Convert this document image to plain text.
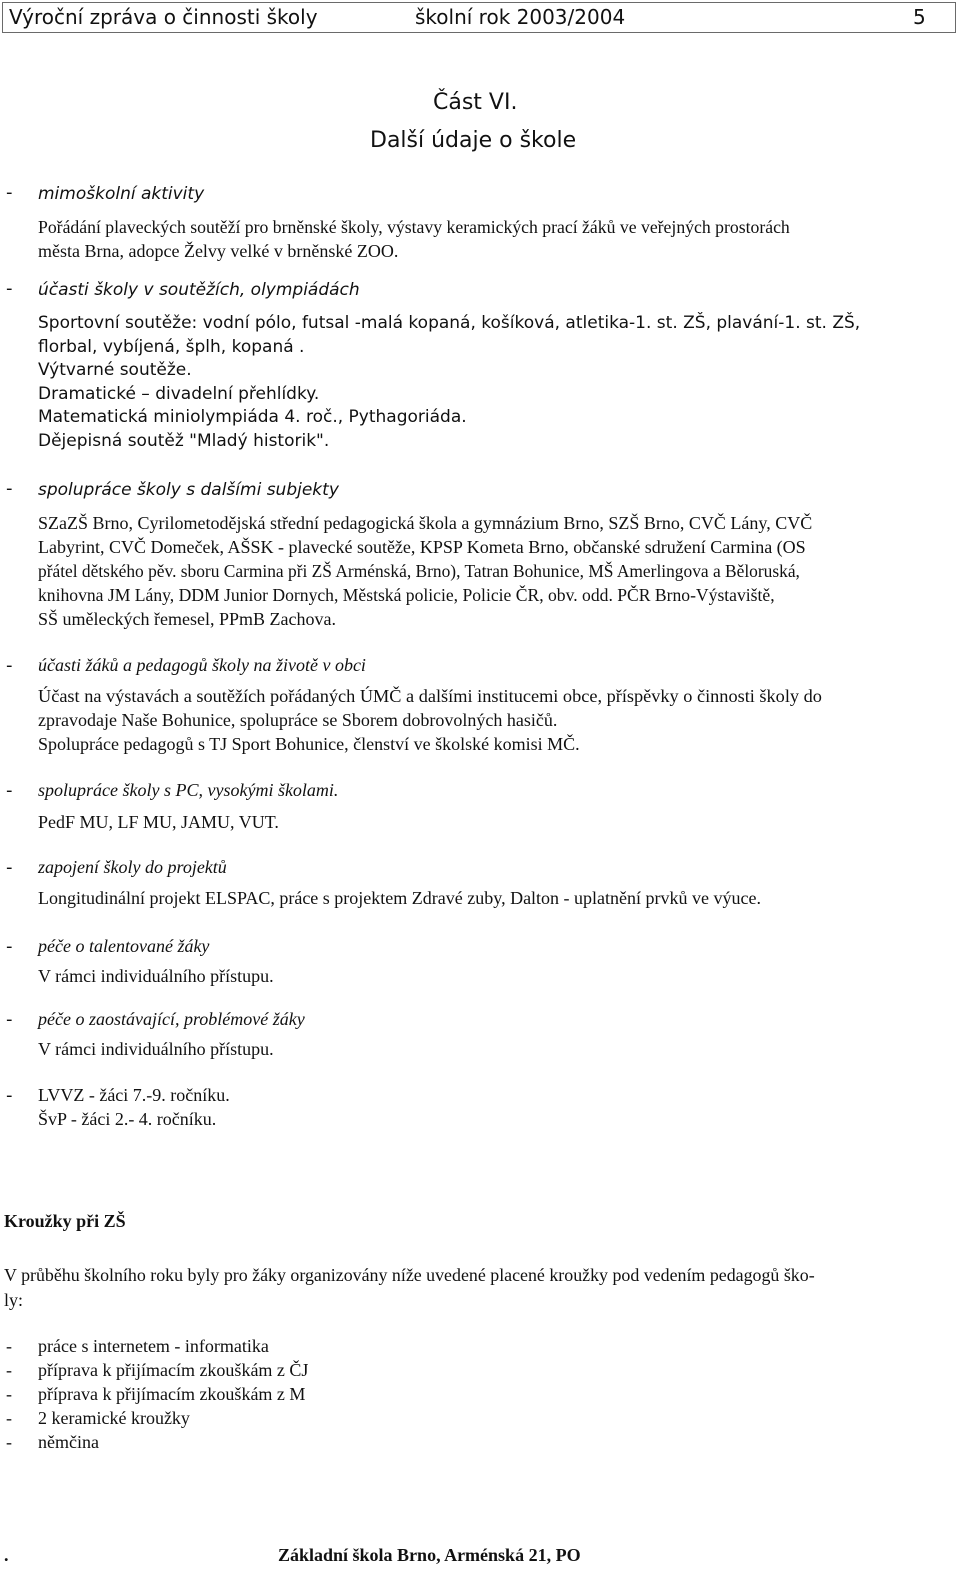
Výroční zpráva o činnosti školy	školní rok 2003/2004	5
Část VI.
Další údaje o škole
- mimoškolní aktivity
Pořádání plaveckých soutěží pro brněnské školy, výstavy keramických prací žáků ve veřejných prostorách
města Brna, adopce Želvy velké v brněnské ZOO.
- účasti školy v soutěžích, olympiádách
Sportovní soutěže: vodní pólo, futsal -malá kopaná, košíková, atletika-1. st. ZŠ, plavání-1. st. ZŠ,
florbal, vybíjená, šplh, kopaná .
Výtvarné soutěže.
Dramatické – divadelní přehlídky.
Matematická miniolympiáda 4. roč., Pythagoriáda.
Dějepisná soutěž "Mladý historik".
- spolupráce školy s dalšími subjekty
SZaZŠ Brno, Cyrilometodějská střední pedagogická škola a gymnázium Brno, SZŠ Brno, CVČ Lány, CVČ
Labyrint, CVČ Domeček, AŠSK - plavecké soutěže, KPSP Kometa Brno, občanské sdružení Carmina (OS
přátel dětského pěv. sboru Carmina při ZŠ Arménská, Brno), Tatran Bohunice, MŠ Amerlingova a Běloruská,
knihovna JM Lány, DDM Junior Dornych, Městská policie, Policie ČR, obv. odd. PČR Brno-Výstaviště,
SŠ uměleckých řemesel, PPmB Zachova.
- účasti žáků a pedagogů školy na životě v obci
Účast na výstavách a soutěžích pořádaných ÚMČ a dalšími institucemi obce, příspěvky o činnosti školy do
zpravodaje Naše Bohunice, spolupráce se Sborem dobrovolných hasičů.
Spolupráce pedagogů s TJ Sport Bohunice, členství ve školské komisi MČ.
- spolupráce školy s PC, vysokými školami.
PedF MU, LF MU, JAMU, VUT.
- zapojení školy do projektů
Longitudinální projekt ELSPAC, práce s projektem Zdravé zuby, Dalton - uplatnění prvků ve výuce.
- péče o talentované žáky
V rámci individuálního přístupu.
- péče o zaostávající, problémové žáky
V rámci individuálního přístupu.
- LVVZ - žáci 7.-9. ročníku.
ŠvP - žáci 2.- 4. ročníku.
Kroužky při ZŠ
V průběhu školního roku byly pro žáky organizovány níže uvedené placené kroužky pod vedením pedagogů ško-
ly:
- práce s internetem - informatika
- příprava k přijímacím zkouškám z ČJ
- příprava k přijímacím zkouškám z M
- 2 keramické kroužky
- němčina
.	Základní škola Brno, Arménská 21, PO
